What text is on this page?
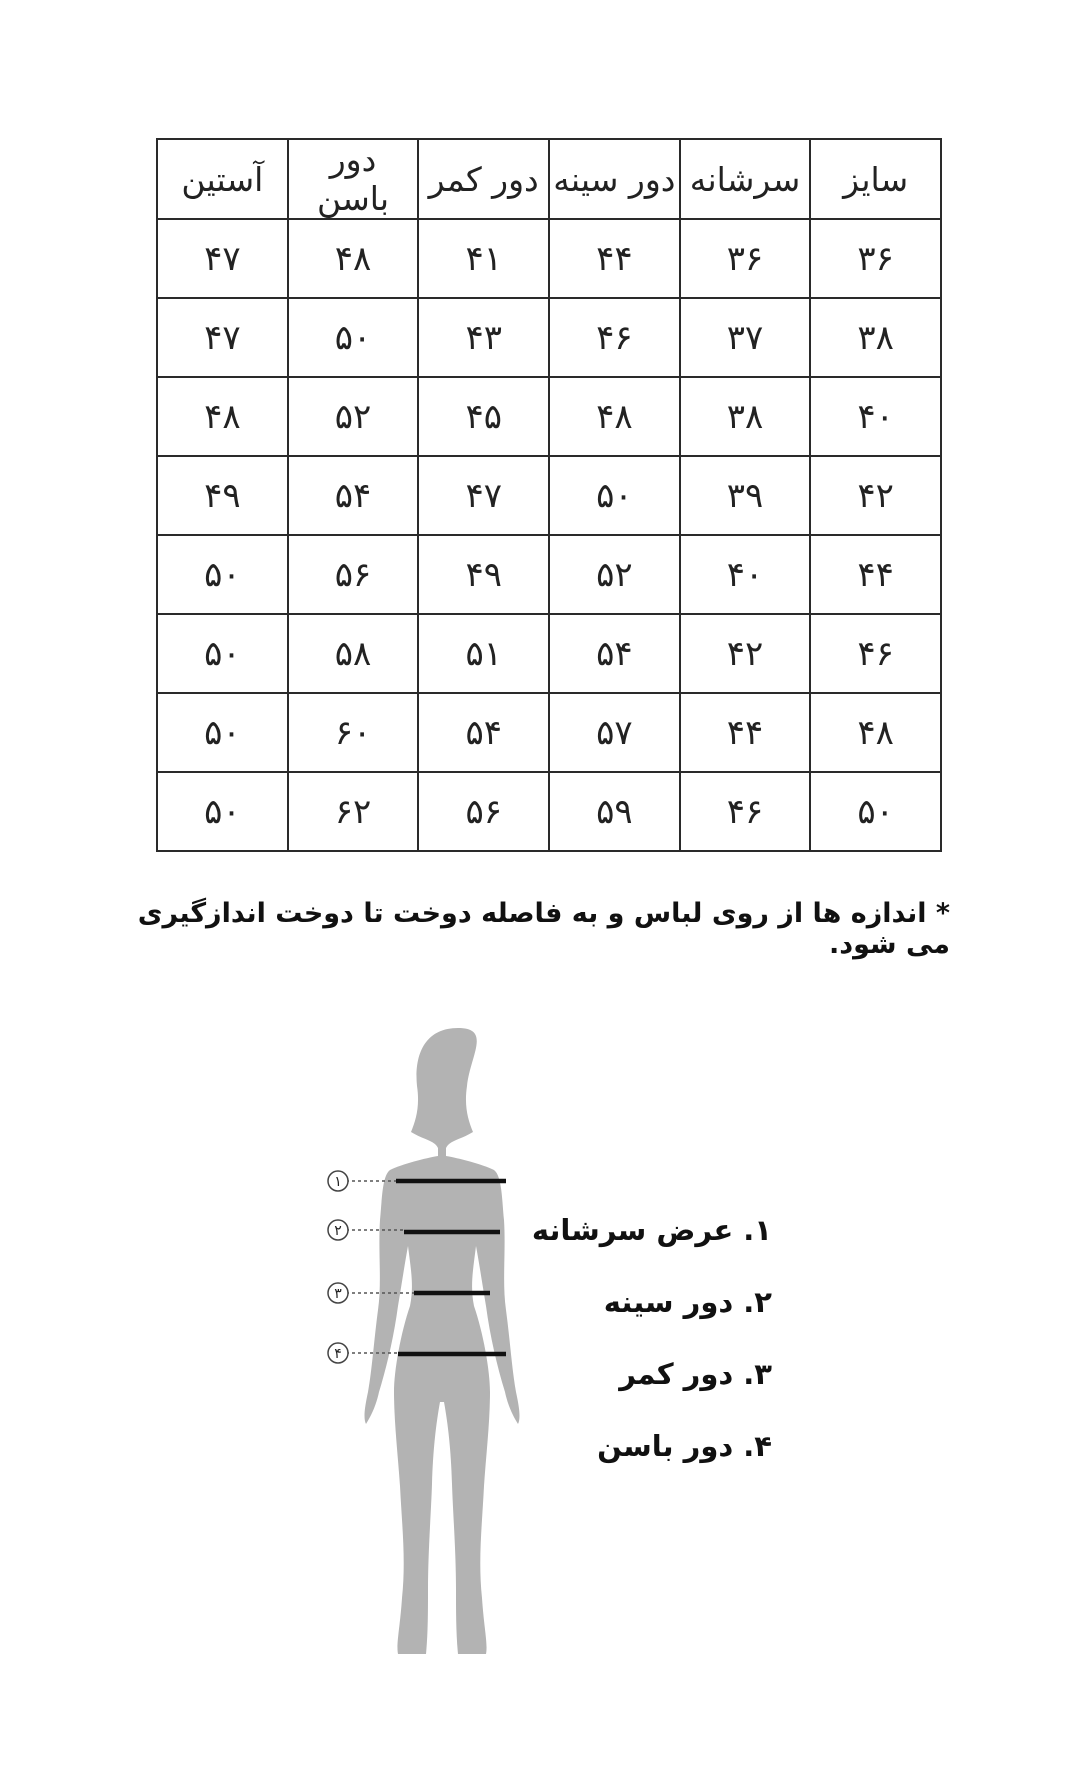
سایز	سرشانه	دور سینه	دور کمر	دور باسن	آستین
۳۶	۳۶	۴۴	۴۱	۴۸	۴۷
۳۸	۳۷	۴۶	۴۳	۵۰	۴۷
۴۰	۳۸	۴۸	۴۵	۵۲	۴۸
۴۲	۳۹	۵۰	۴۷	۵۴	۴۹
۴۴	۴۰	۵۲	۴۹	۵۶	۵۰
۴۶	۴۲	۵۴	۵۱	۵۸	۵۰
۴۸	۴۴	۵۷	۵۴	۶۰	۵۰
۵۰	۴۶	۵۹	۵۶	۶۲	۵۰
* اندازه ها از روی لباس و به فاصله دوخت تا دوخت اندازگیری می شود.
۱
۲
۳
۴
۱.عرض سرشانه
۲.دور سینه
۳.دور کمر
۴.دور باسن
